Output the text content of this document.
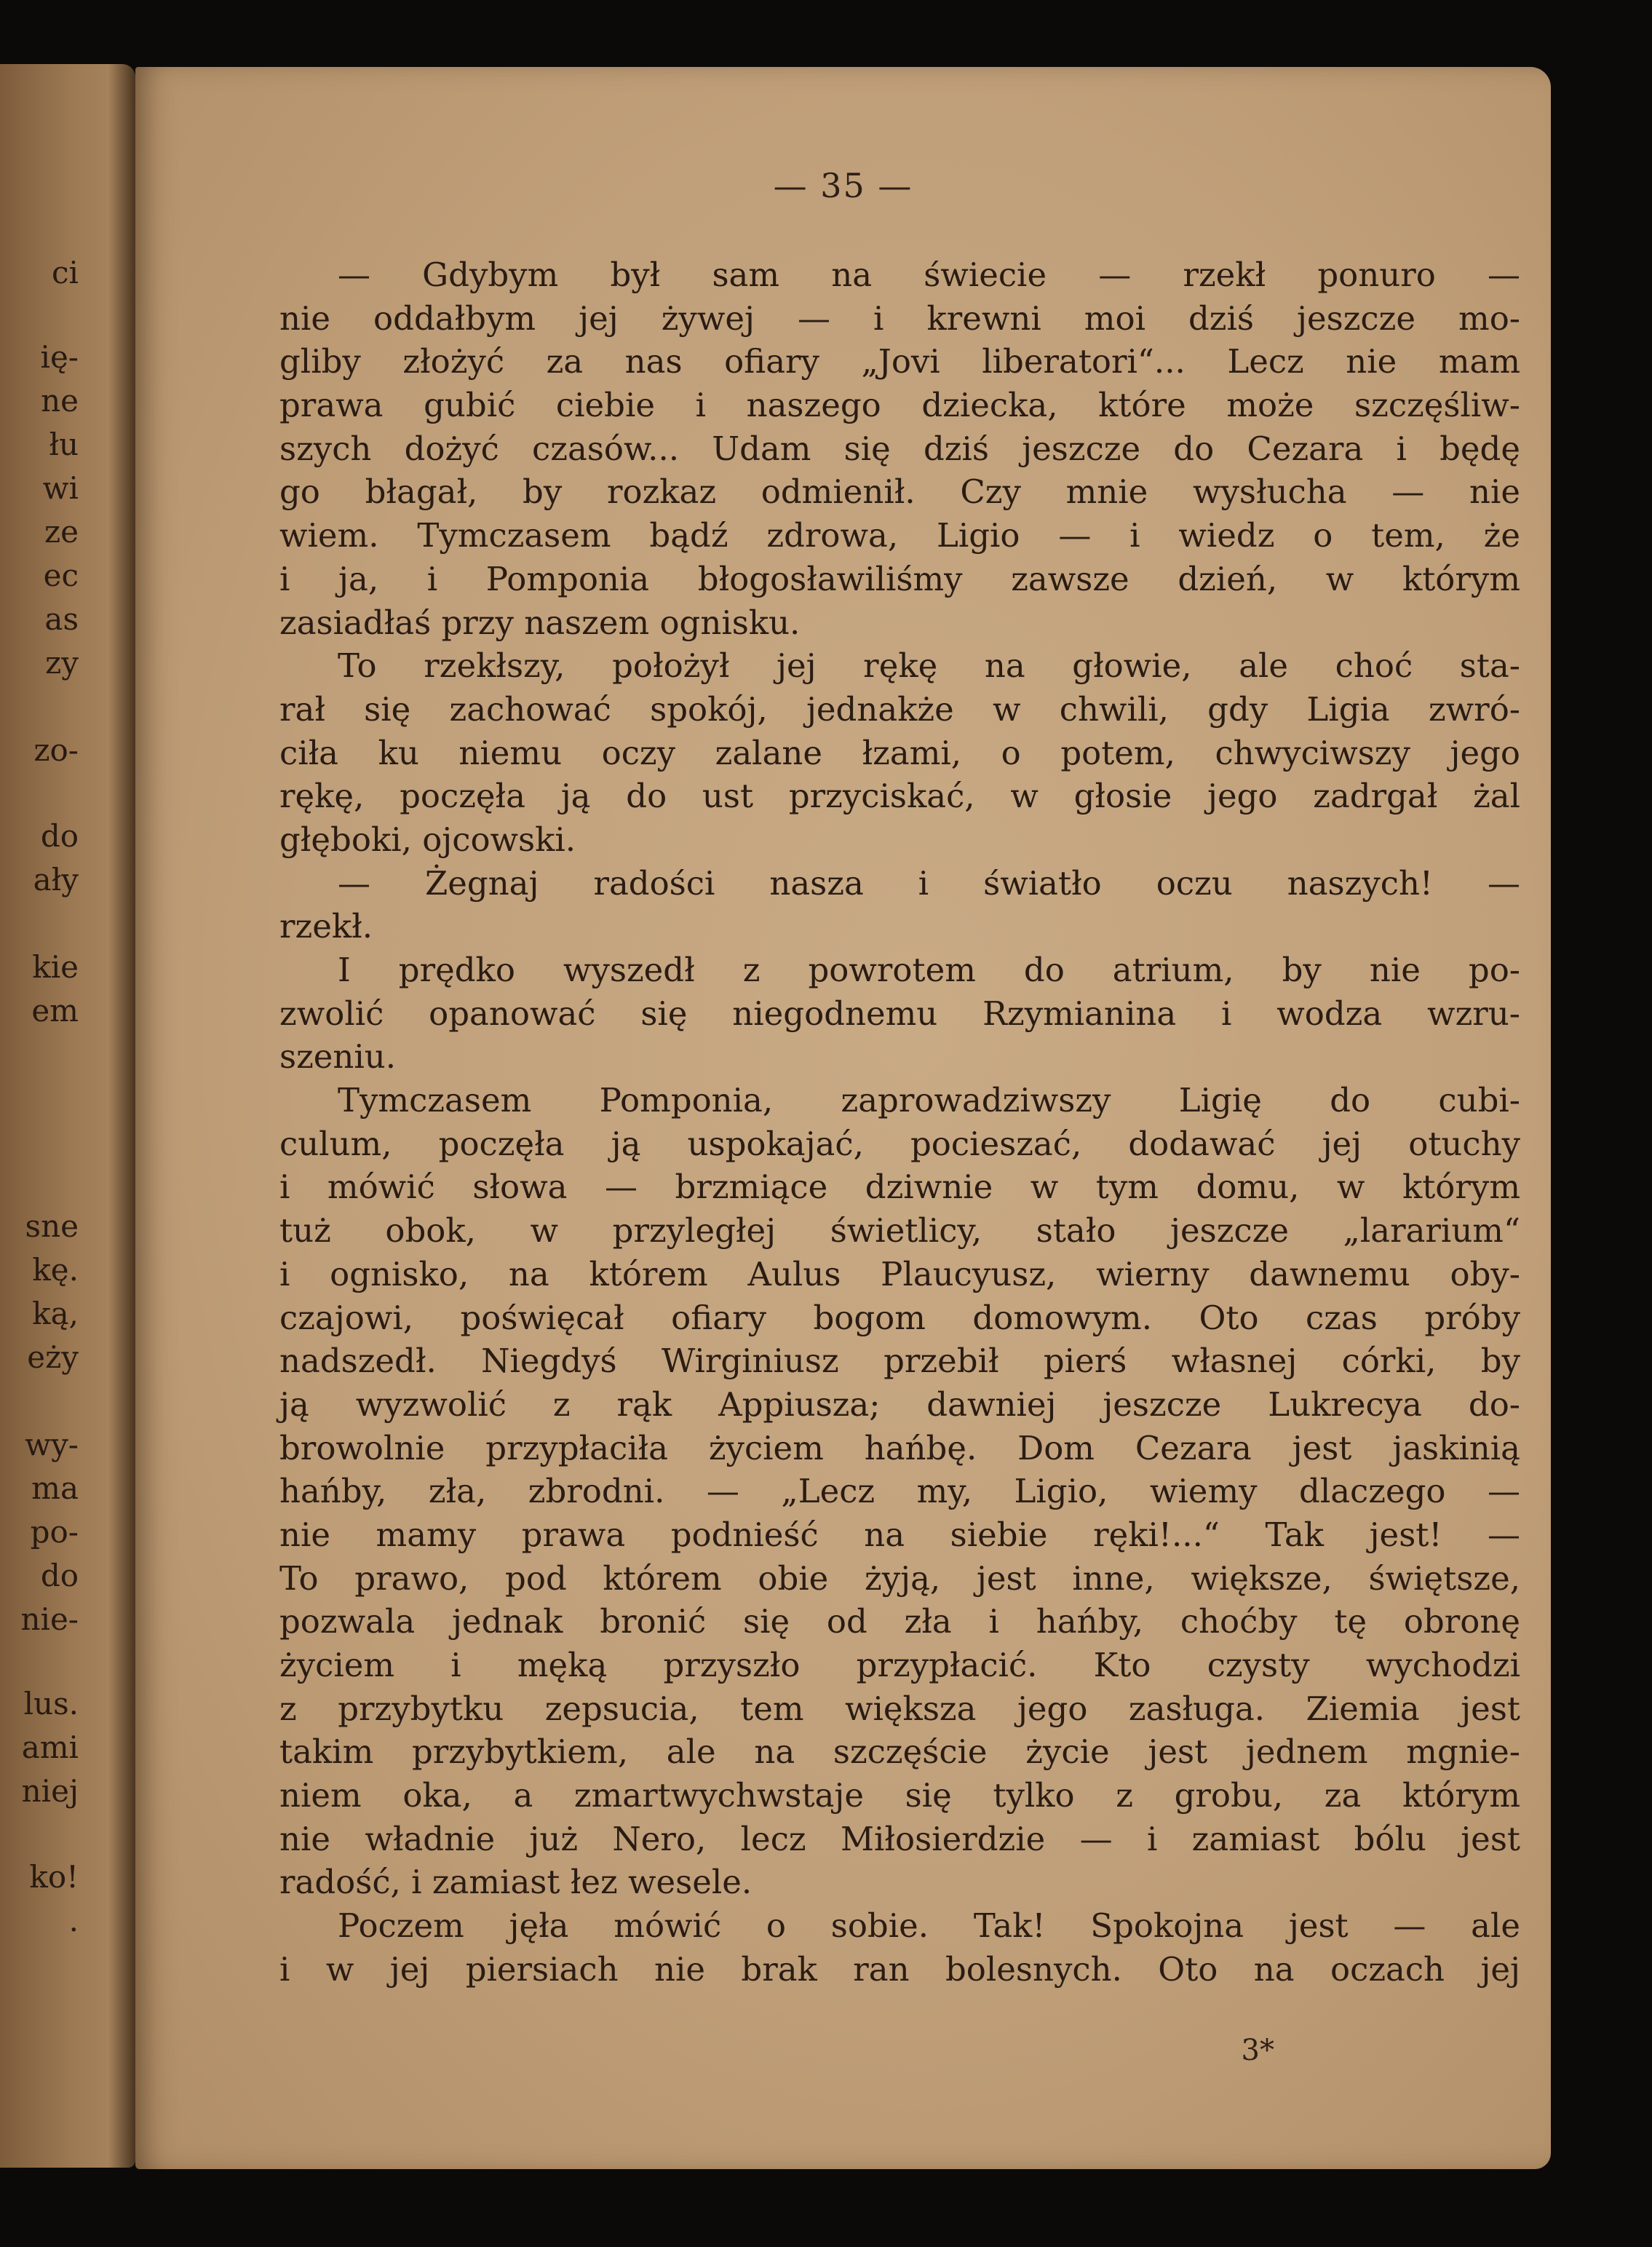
ci
ię-
ne
łu
wi
ze
ec
as
zy
zo-
do
ały
kie
em
sne
kę.
ką,
eży
wy-
ma
po-
do
nie-
lus.
ami
niej
ko!
.
— 35 —
— Gdybym był sam na świecie — rzekł ponuro —
nie oddałbym jej żywej — i krewni moi dziś jeszcze mo-
gliby złożyć za nas ofiary „Jovi liberatori“... Lecz nie mam
prawa gubić ciebie i naszego dziecka, które może szczęśliw-
szych dożyć czasów... Udam się dziś jeszcze do Cezara i będę
go błagał, by rozkaz odmienił. Czy mnie wysłucha — nie
wiem. Tymczasem bądź zdrowa, Ligio — i wiedz o tem, że
i ja, i Pomponia błogosławiliśmy zawsze dzień, w którym
zasiadłaś przy naszem ognisku.
To rzekłszy, położył jej rękę na głowie, ale choć sta-
rał się zachować spokój, jednakże w chwili, gdy Ligia zwró-
ciła ku niemu oczy zalane łzami, o potem, chwyciwszy jego
rękę, poczęła ją do ust przyciskać, w głosie jego zadrgał żal
głęboki, ojcowski.
— Żegnaj radości nasza i światło oczu naszych! —
rzekł.
I prędko wyszedł z powrotem do atrium, by nie po-
zwolić opanować się niegodnemu Rzymianina i wodza wzru-
szeniu.
Tymczasem Pomponia, zaprowadziwszy Ligię do cubi-
culum, poczęła ją uspokajać, pocieszać, dodawać jej otuchy
i mówić słowa — brzmiące dziwnie w tym domu, w którym
tuż obok, w przyległej świetlicy, stało jeszcze „lararium“
i ognisko, na którem Aulus Plaucyusz, wierny dawnemu oby-
czajowi, poświęcał ofiary bogom domowym. Oto czas próby
nadszedł. Niegdyś Wirginiusz przebił pierś własnej córki, by
ją wyzwolić z rąk Appiusza; dawniej jeszcze Lukrecya do-
browolnie przypłaciła życiem hańbę. Dom Cezara jest jaskinią
hańby, zła, zbrodni. — „Lecz my, Ligio, wiemy dlaczego —
nie mamy prawa podnieść na siebie ręki!...“ Tak jest! —
To prawo, pod którem obie żyją, jest inne, większe, świętsze,
pozwala jednak bronić się od zła i hańby, choćby tę obronę
życiem i męką przyszło przypłacić. Kto czysty wychodzi
z przybytku zepsucia, tem większa jego zasługa. Ziemia jest
takim przybytkiem, ale na szczęście życie jest jednem mgnie-
niem oka, a zmartwychwstaje się tylko z grobu, za którym
nie władnie już Nero, lecz Miłosierdzie — i zamiast bólu jest
radość, i zamiast łez wesele.
Poczem jęła mówić o sobie. Tak! Spokojna jest — ale
i w jej piersiach nie brak ran bolesnych. Oto na oczach jej
3*
